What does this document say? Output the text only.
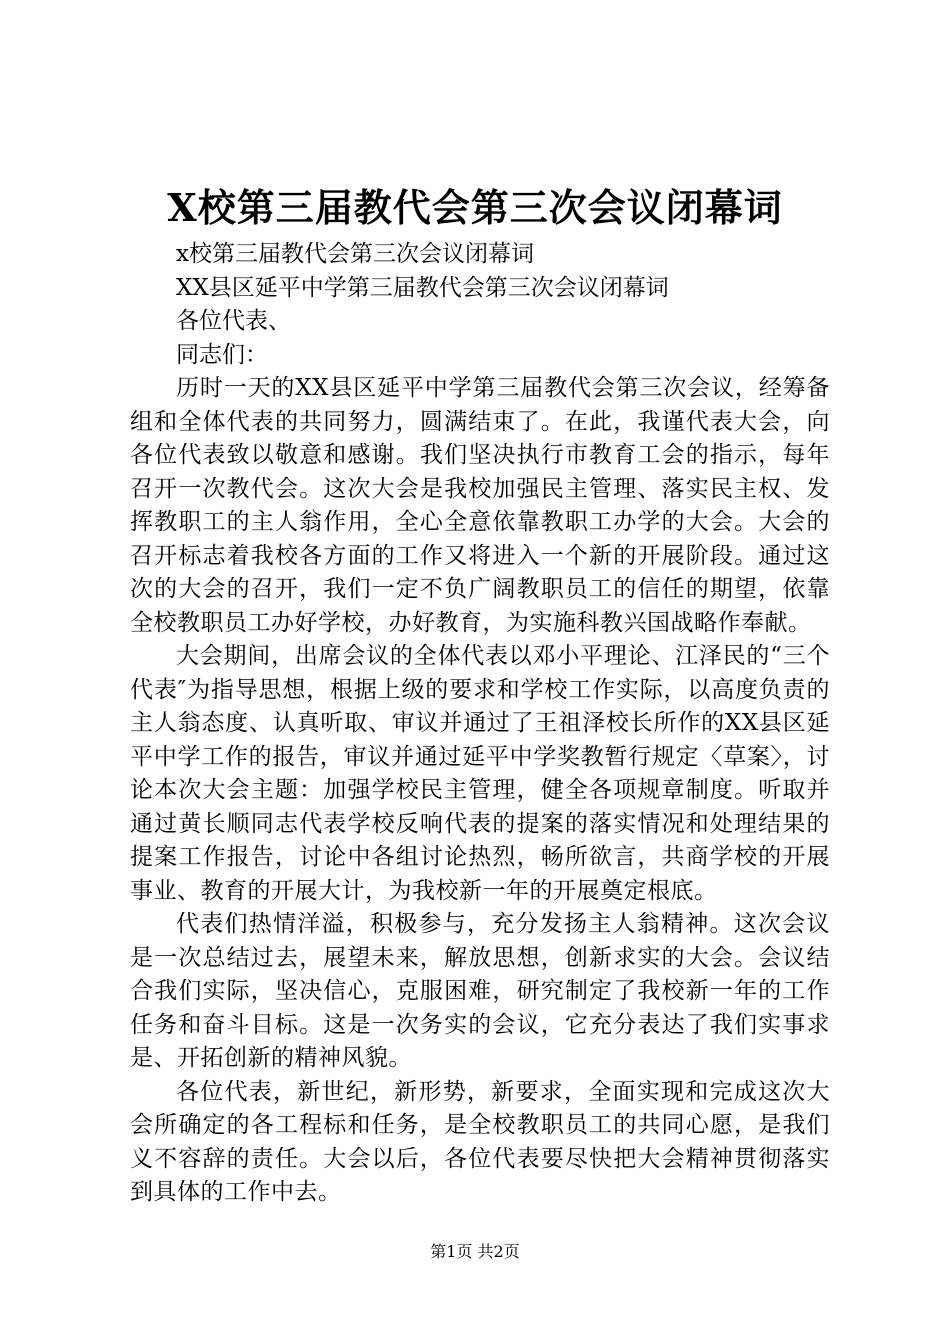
X校第三届教代会第三次会议闭幕词

x校第三届教代会第三次会议闭幕词

XX县区延平中学第三届教代会第三次会议闭幕词

各位代表、

同志们：

历时一天的XX县区延平中学第三届教代会第三次会议，经筹备组和全体代表的共同努力，圆满结束了。在此，我谨代表大会，向各位代表致以敬意和感谢。我们坚决执行市教育工会的指示，每年召开一次教代会。这次大会是我校加强民主管理、落实民主权、发挥教职工的主人翁作用，全心全意依靠教职工办学的大会。大会的召开标志着我校各方面的工作又将进入一个新的开展阶段。通过这次的大会的召开，我们一定不负广阔教职员工的信任的期望，依靠全校教职员工办好学校，办好教育，为实施科教兴国战略作奉献。

大会期间，出席会议的全体代表以邓小平理论、江泽民的“三个代表″为指导思想，根据上级的要求和学校工作实际，以高度负责的主人翁态度、认真听取、审议并通过了王祖泽校长所作的XX县区延平中学工作的报告，审议并通过延平中学奖教暂行规定〈草案〉，讨论本次大会主题：加强学校民主管理，健全各项规章制度。听取并通过黄长顺同志代表学校反响代表的提案的落实情况和处理结果的提案工作报告，讨论中各组讨论热烈，畅所欲言，共商学校的开展事业、教育的开展大计，为我校新一年的开展奠定根底。

代表们热情洋溢，积极参与，充分发扬主人翁精神。这次会议是一次总结过去，展望未来，解放思想，创新求实的大会。会议结合我们实际，坚决信心，克服困难，研究制定了我校新一年的工作任务和奋斗目标。这是一次务实的会议，它充分表达了我们实事求是、开拓创新的精神风貌。

各位代表，新世纪，新形势，新要求，全面实现和完成这次大会所确定的各工程标和任务，是全校教职员工的共同心愿，是我们义不容辞的责任。大会以后，各位代表要尽快把大会精神贯彻落实到具体的工作中去。

第1页 共2页
